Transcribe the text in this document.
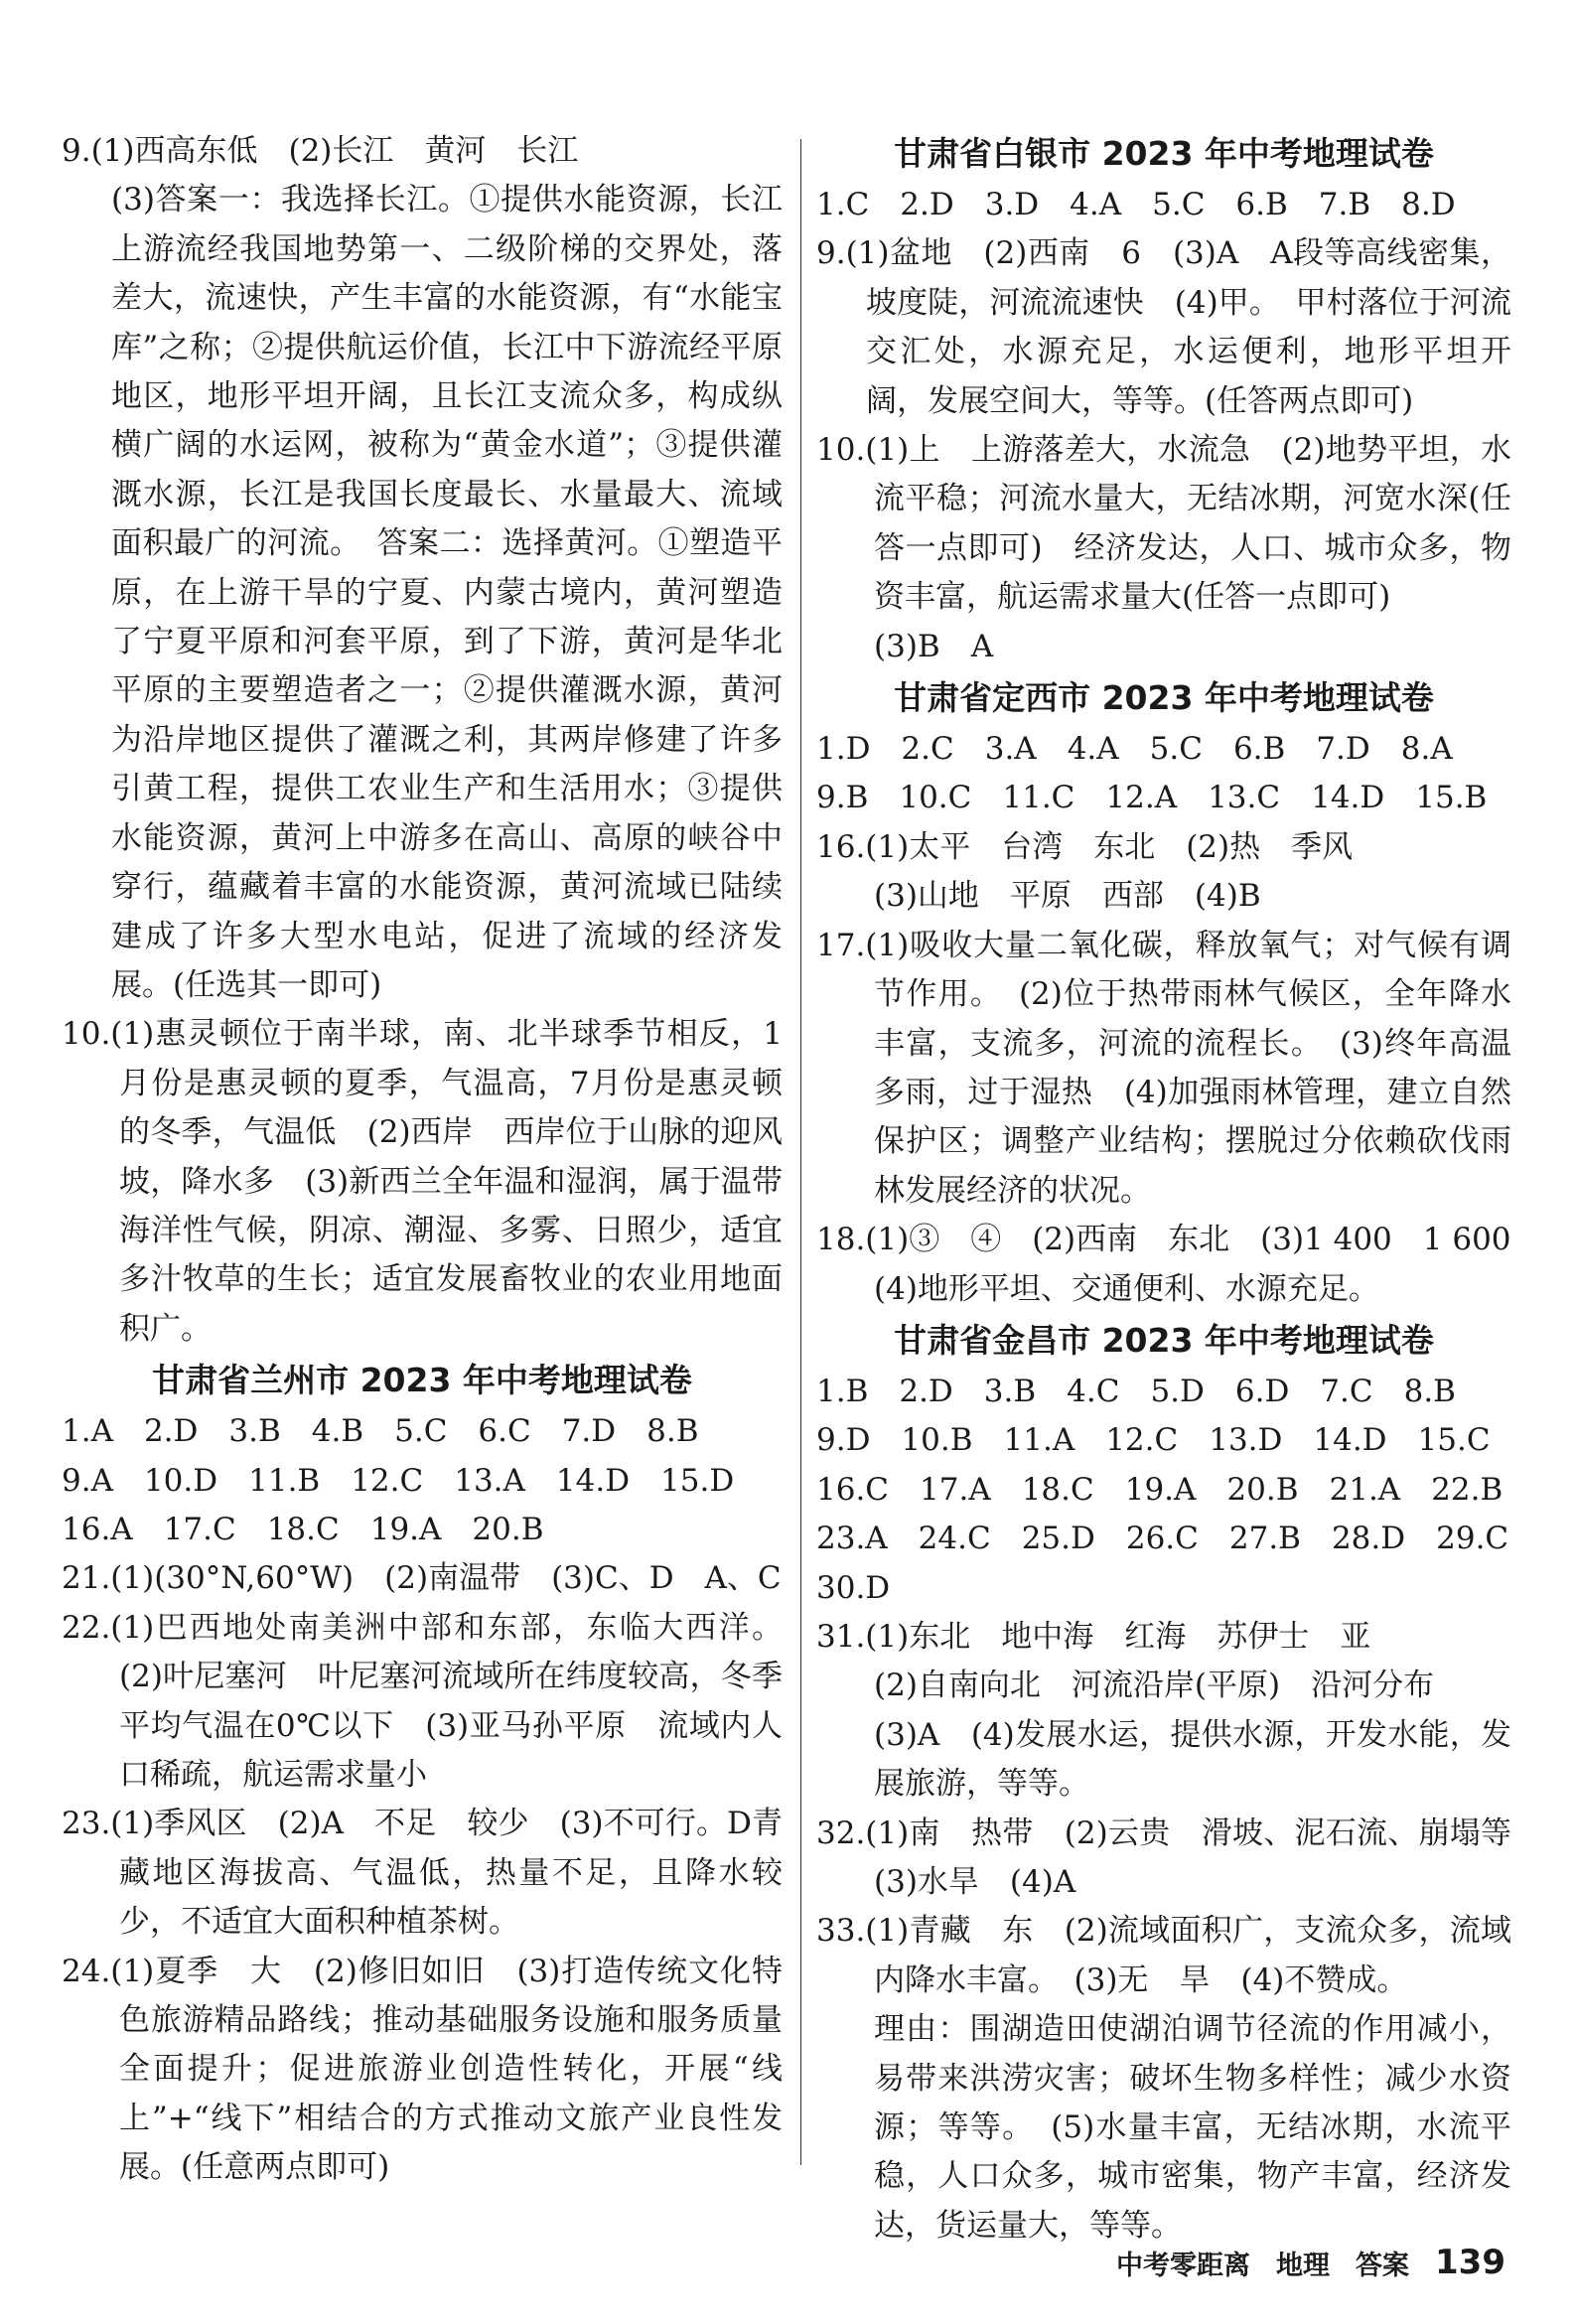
9.(1)西高东低　(2)长江　黄河　长江
(3)答案一：我选择长江。①提供水能资源，长江上游流经我国地势第一、二级阶梯的交界处，落差大，流速快，产生丰富的水能资源，有“水能宝库”之称；②提供航运价值，长江中下游流经平原地区，地形平坦开阔，且长江支流众多，构成纵横广阔的水运网，被称为“黄金水道”；③提供灌溉水源，长江是我国长度最长、水量最大、流域面积最广的河流。　答案二：选择黄河。①塑造平原，在上游干旱的宁夏、内蒙古境内，黄河塑造了宁夏平原和河套平原，到了下游，黄河是华北平原的主要塑造者之一；②提供灌溉水源，黄河为沿岸地区提供了灌溉之利，其两岸修建了许多引黄工程，提供工农业生产和生活用水；③提供水能资源，黄河上中游多在高山、高原的峡谷中穿行，蕴藏着丰富的水能资源，黄河流域已陆续建成了许多大型水电站，促进了流域的经济发展。(任选其一即可)

10.(1)惠灵顿位于南半球，南、北半球季节相反，1月份是惠灵顿的夏季，气温高，7月份是惠灵顿的冬季，气温低　(2)西岸　西岸位于山脉的迎风坡，降水多　(3)新西兰全年温和湿润，属于温带海洋性气候，阴凉、潮湿、多雾、日照少，适宜多汁牧草的生长；适宜发展畜牧业的农业用地面积广。

甘肃省兰州市 2023 年中考地理试卷

1.A　2.D　3.B　4.B　5.C　6.C　7.D　8.B

9.A　10.D　11.B　12.C　13.A　14.D　15.D

16.A　17.C　18.C　19.A　20.B

21.(1)(30°N,60°W)　(2)南温带　(3)C、D　A、C

22.(1)巴西地处南美洲中部和东部，东临大西洋。(2)叶尼塞河　叶尼塞河流域所在纬度较高，冬季平均气温在0℃以下　(3)亚马孙平原　流域内人口稀疏，航运需求量小

23.(1)季风区　(2)A　不足　较少　(3)不可行。D青藏地区海拔高、气温低，热量不足，且降水较少，不适宜大面积种植茶树。

24.(1)夏季　大　(2)修旧如旧　(3)打造传统文化特色旅游精品路线；推动基础服务设施和服务质量全面提升；促进旅游业创造性转化，开展“线上”+“线下”相结合的方式推动文旅产业良性发展。(任意两点即可)

甘肃省白银市 2023 年中考地理试卷

1.C　2.D　3.D　4.A　5.C　6.B　7.B　8.D

9.(1)盆地　(2)西南　6　(3)A　A段等高线密集，坡度陡，河流流速快　(4)甲。　甲村落位于河流交汇处，水源充足，水运便利，地形平坦开阔，发展空间大，等等。(任答两点即可)

10.(1)上　上游落差大，水流急　(2)地势平坦，水流平稳；河流水量大，无结冰期，河宽水深(任答一点即可)　经济发达，人口、城市众多，物资丰富，航运需求量大(任答一点即可)
(3)B　A

甘肃省定西市 2023 年中考地理试卷

1.D　2.C　3.A　4.A　5.C　6.B　7.D　8.A

9.B　10.C　11.C　12.A　13.C　14.D　15.B

16.(1)太平　台湾　东北　(2)热　季风
(3)山地　平原　西部　(4)B

17.(1)吸收大量二氧化碳，释放氧气；对气候有调节作用。　(2)位于热带雨林气候区，全年降水丰富，支流多，河流的流程长。　(3)终年高温多雨，过于湿热　(4)加强雨林管理，建立自然保护区；调整产业结构；摆脱过分依赖砍伐雨林发展经济的状况。

18.(1)③　④　(2)西南　东北　(3)1 400　1 600
(4)地形平坦、交通便利、水源充足。

甘肃省金昌市 2023 年中考地理试卷

1.B　2.D　3.B　4.C　5.D　6.D　7.C　8.B

9.D　10.B　11.A　12.C　13.D　14.D　15.C

16.C　17.A　18.C　19.A　20.B　21.A　22.B

23.A　24.C　25.D　26.C　27.B　28.D　29.C

30.D

31.(1)东北　地中海　红海　苏伊士　亚
(2)自南向北　河流沿岸(平原)　沿河分布
(3)A　(4)发展水运，提供水源，开发水能，发展旅游，等等。

32.(1)南　热带　(2)云贵　滑坡、泥石流、崩塌等　(3)水旱　(4)A

33.(1)青藏　东　(2)流域面积广，支流众多，流域内降水丰富。　(3)无　旱　(4)不赞成。
理由：围湖造田使湖泊调节径流的作用减小，易带来洪涝灾害；破坏生物多样性；减少水资源；等等。　(5)水量丰富，无结冰期，水流平稳，人口众多，城市密集，物产丰富，经济发达，货运量大，等等。

中考零距离 地理 答案 139
